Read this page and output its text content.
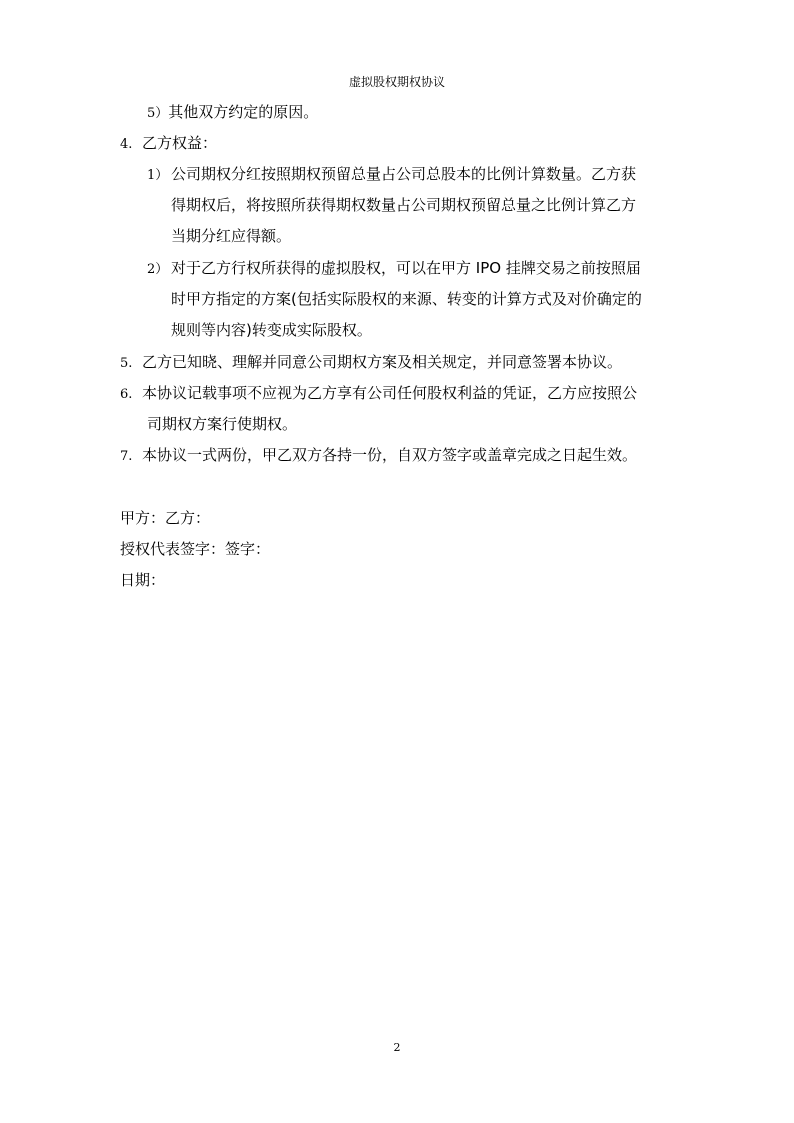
虚拟股权期权协议
5）其他双方约定的原因。
4. 乙方权益：
1） 公司期权分红按照期权预留总量占公司总股本的比例计算数量。乙方获
得期权后，将按照所获得期权数量占公司期权预留总量之比例计算乙方
当期分红应得额。
2） 对于乙方行权所获得的虚拟股权，可以在甲方 IPO 挂牌交易之前按照届
时甲方指定的方案(包括实际股权的来源、转变的计算方式及对价确定的
规则等内容)转变成实际股权。
5. 乙方已知晓、理解并同意公司期权方案及相关规定，并同意签署本协议。
6. 本协议记载事项不应视为乙方享有公司任何股权利益的凭证，乙方应按照公
司期权方案行使期权。
7. 本协议一式两份，甲乙双方各持一份，自双方签字或盖章完成之日起生效。
甲方：乙方：
授权代表签字：签字：
日期：
2
